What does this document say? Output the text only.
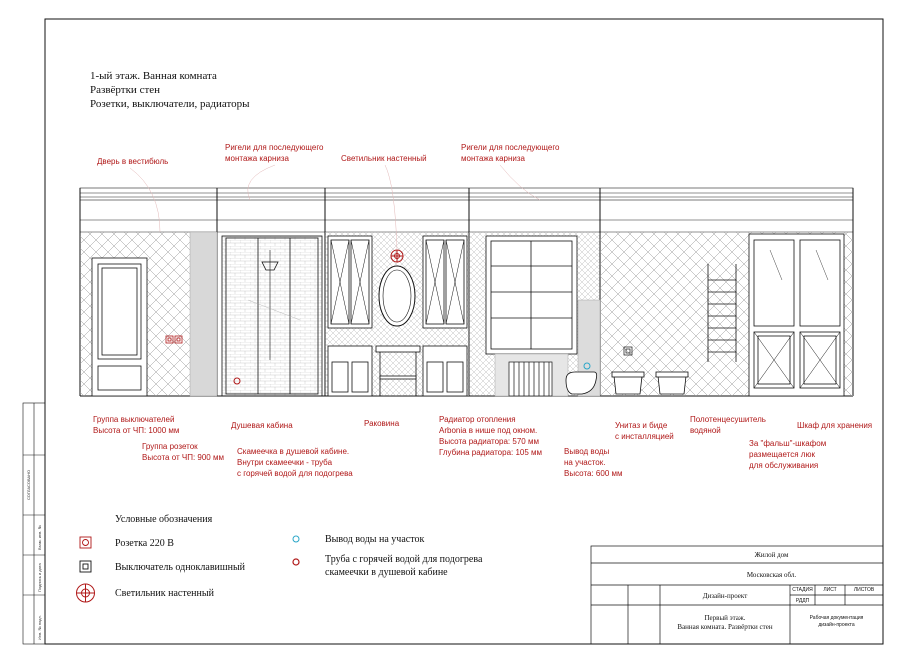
1-ый этаж. Ванная комната
Развёртки стен
Розетки, выключатели, радиаторы
Дверь в вестибюль
Ригели для последующего
монтажа карниза	Светильник настенный
Ригели для последующего
монтажа карниза
Группа выключателей
Высота от ЧП: 1000 мм
Группа розеток
Высота от ЧП: 900 мм
Душевая кабина
Скамеечка в душевой кабине.
Внутри скамеечки - труба
с горячей водой для подогрева
Раковина	Радиатор отопления
Arbonia в нише под окном.
Высота радиатора: 570 мм
Глубина радиатора: 105 мм	Вывод воды
на участок.
Высота: 600 мм
Унитаз и биде
с инсталляцией
Полотенцесушитель
водяной
Шкаф для хранения
За "фальш"-шкафом
размещается люк
для обслуживания
Условные обозначения
Розетка 220 В
Выключатель одноклавишный
Светильник настенный
Вывод воды на участок
Труба с горячей водой для подогрева
скамеечки в душевой кабине
Жилой дом
Московская обл.
Дизайн-проект
СТАДИЯ	ЛИСТ	ЛИСТОВ
РДДП
Первый этаж.
Ванная комната. Развёртки стен
Рабочая документация
дизайн-проекта
СОГЛАСОВАНО
Взам. инв. №
Подпись и дата
Инв. № подл.
